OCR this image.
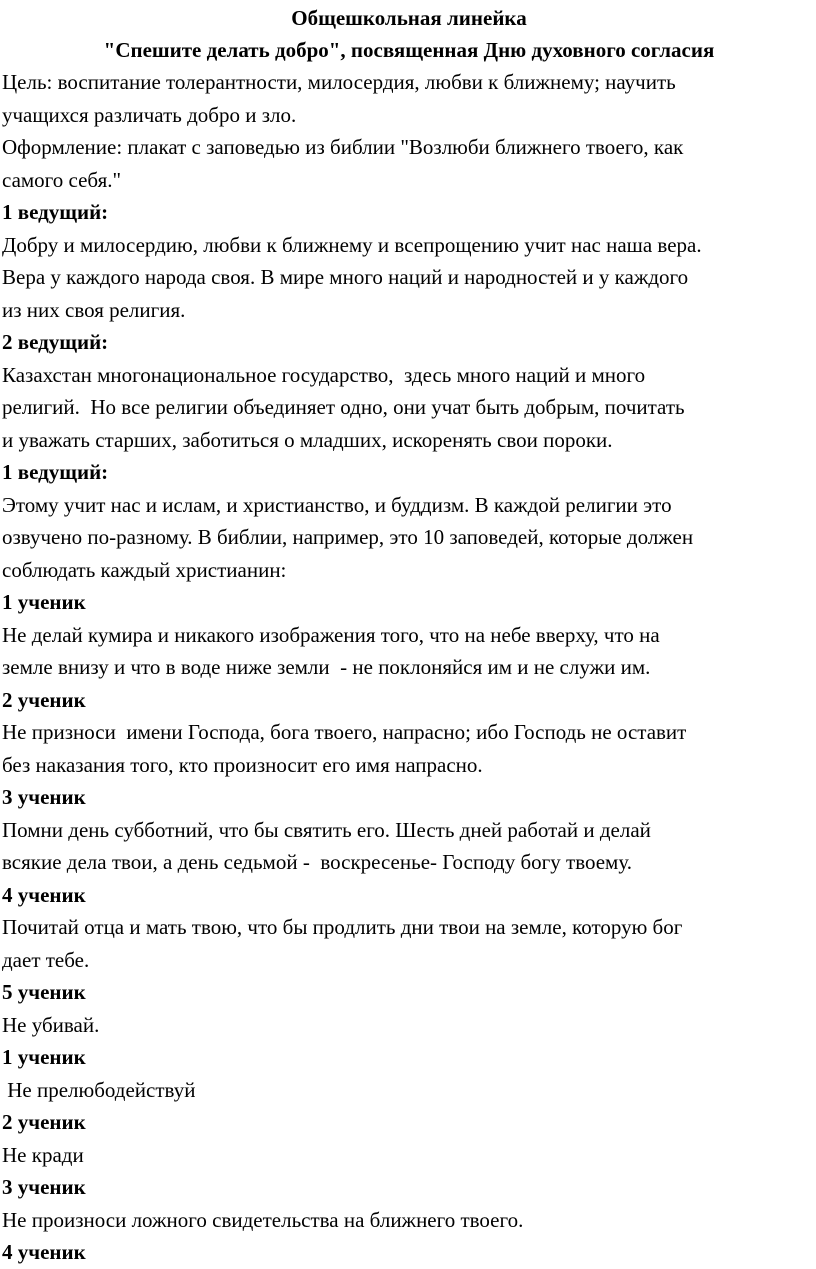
Общешкольная линейка

"Спешите делать добро", посвященная Дню духовного согласия

Цель: воспитание толерантности, милосердия, любви к ближнему; научить

учащихся различать добро и зло.

Оформление: плакат с заповедью из библии "Возлюби ближнего твоего, как

самого себя."

1 ведущий:

Добру и милосердию, любви к ближнему и всепрощению учит нас наша вера.

Вера у каждого народа своя. В мире много наций и народностей и у каждого

из них своя религия.

2 ведущий:

Казахстан многонациональное государство,  здесь много наций и много

религий.  Но все религии объединяет одно, они учат быть добрым, почитать

и уважать старших, заботиться о младших, искоренять свои пороки.

1 ведущий:

Этому учит нас и ислам, и христианство, и буддизм. В каждой религии это

озвучено по-разному. В библии, например, это 10 заповедей, которые должен

соблюдать каждый христианин:

1 ученик

Не делай кумира и никакого изображения того, что на небе вверху, что на

земле внизу и что в воде ниже земли  - не поклоняйся им и не служи им.

2 ученик

Не призноси  имени Господа, бога твоего, напрасно; ибо Господь не оставит

без наказания того, кто произносит его имя напрасно.

3 ученик

Помни день субботний, что бы святить его. Шесть дней работай и делай

всякие дела твои, а день седьмой -  воскресенье- Господу богу твоему.

4 ученик

Почитай отца и мать твою, что бы продлить дни твои на земле, которую бог

дает тебе.

5 ученик

Не убивай.

1 ученик

Не прелюбодействуй

2 ученик

Не кради

3 ученик

Не произноси ложного свидетельства на ближнего твоего.

4 ученик
